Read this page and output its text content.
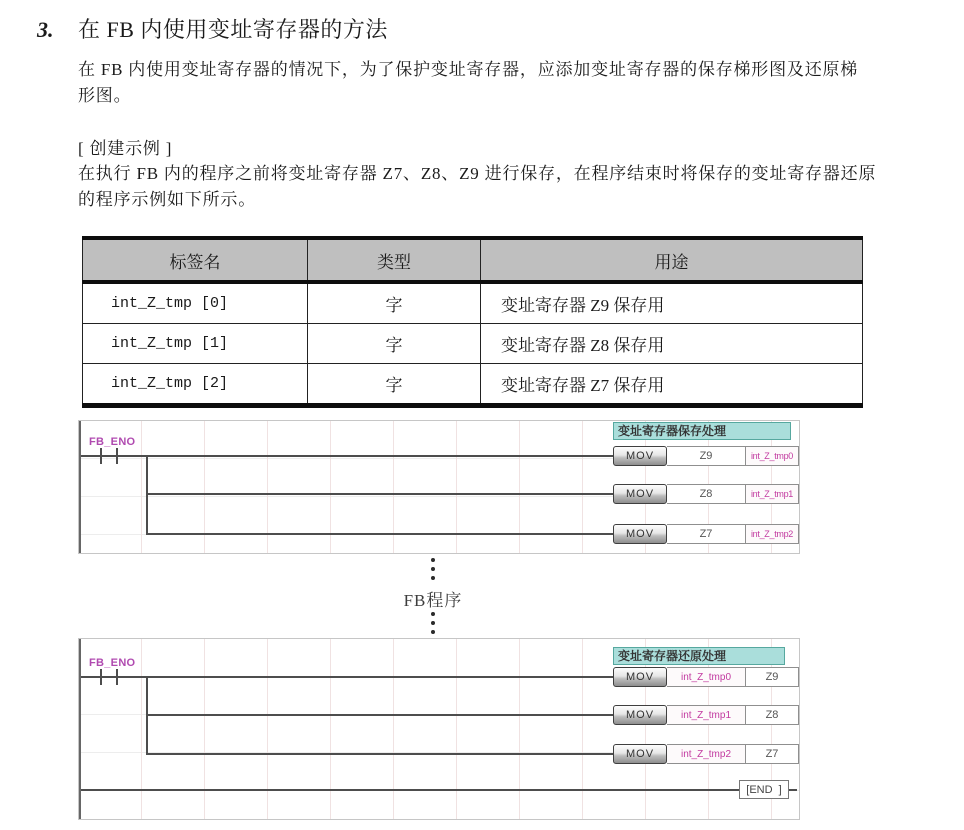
3. 在 FB 内使用变址寄存器的方法
在 FB 内使用变址寄存器的情况下，为了保护变址寄存器，应添加变址寄存器的保存梯形图及还原梯
形图。
[ 创建示例 ]
在执行 FB 内的程序之前将变址寄存器 Z7、Z8、Z9 进行保存，在程序结束时将保存的变址寄存器还原
的程序示例如下所示。
标签名	类型	用途
int_Z_tmp [0]	字	变址寄存器 Z9 保存用
int_Z_tmp [1]	字	变址寄存器 Z8 保存用
int_Z_tmp [2]	字	变址寄存器 Z7 保存用
变址寄存器保存处理
FB_ENO
MOV	Z9	int_Z_tmp0
MOV	Z8	int_Z_tmp1
MOV	Z7	int_Z_tmp2
FB程序
变址寄存器还原处理
FB_ENO
MOV	int_Z_tmp0	Z9
MOV	int_Z_tmp1	Z8
MOV	int_Z_tmp2	Z7
[END  ]
